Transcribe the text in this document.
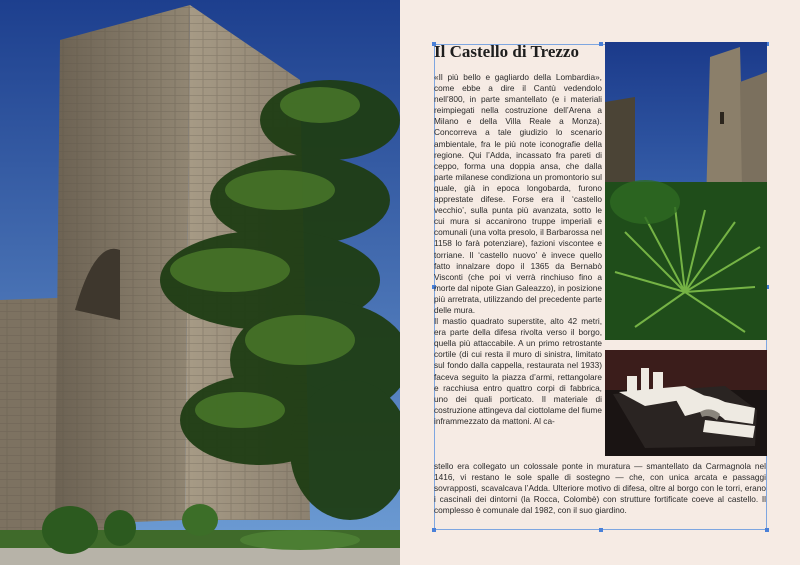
Il Castello di Trezzo
«Il più bello e gagliardo della Lombardia», come ebbe a dire il Cantù vedendolo nell’800, in parte smantellato (e i materiali reimpiegati nella costruzione dell’Arena a Milano e della Villa Reale a Monza). Concorreva a tale giudizio lo scenario ambientale, fra le più note iconografie della regione. Qui l’Adda, incassato fra pareti di ceppo, forma una doppia ansa, che dalla parte milanese condiziona un promontorio sul quale, già in epoca longobarda, furono apprestate difese. Forse era il ‘castello vecchio’, sulla punta più avanzata, sotto le cui mura si accanirono truppe imperiali e comunali (una volta presolo, il Barbarossa nel 1158 lo farà potenziare), fazioni viscontee e torriane. Il ‘castello nuovo’ è invece quello fatto innalzare dopo il 1365 da Bernabò Visconti (che poi vi verrà rinchiuso fino a morte dal nipote Gian Galeazzo), in posizione più arretrata, utilizzando del precedente parte delle mura.
Il mastio quadrato superstite, alto 42 metri, era parte della difesa rivolta verso il borgo, quella più attaccabile. A un primo retrostante cortile (di cui resta il muro di sinistra, limitato sul fondo dalla cappella, restaurata nel 1933) faceva seguito la piazza d’armi, rettangolare e racchiusa entro quattro corpi di fabbrica, uno dei quali porticato. Il materiale di costruzione attingeva dal ciottolame del fiume inframmezzato da mattoni. Al ca-
stello era collegato un colossale ponte in muratura — smantellato da Carmagnola nel 1416, vi restano le sole spalle di sostegno — che, con unica arcata e passaggi sovrapposti, scavalcava l’Adda. Ulteriore motivo di difesa, oltre al borgo con le torri, erano i cascinali dei dintorni (la Rocca, Colombè) con strutture fortificate coeve al castello. Il complesso è comunale dal 1982, con il suo giardino.
